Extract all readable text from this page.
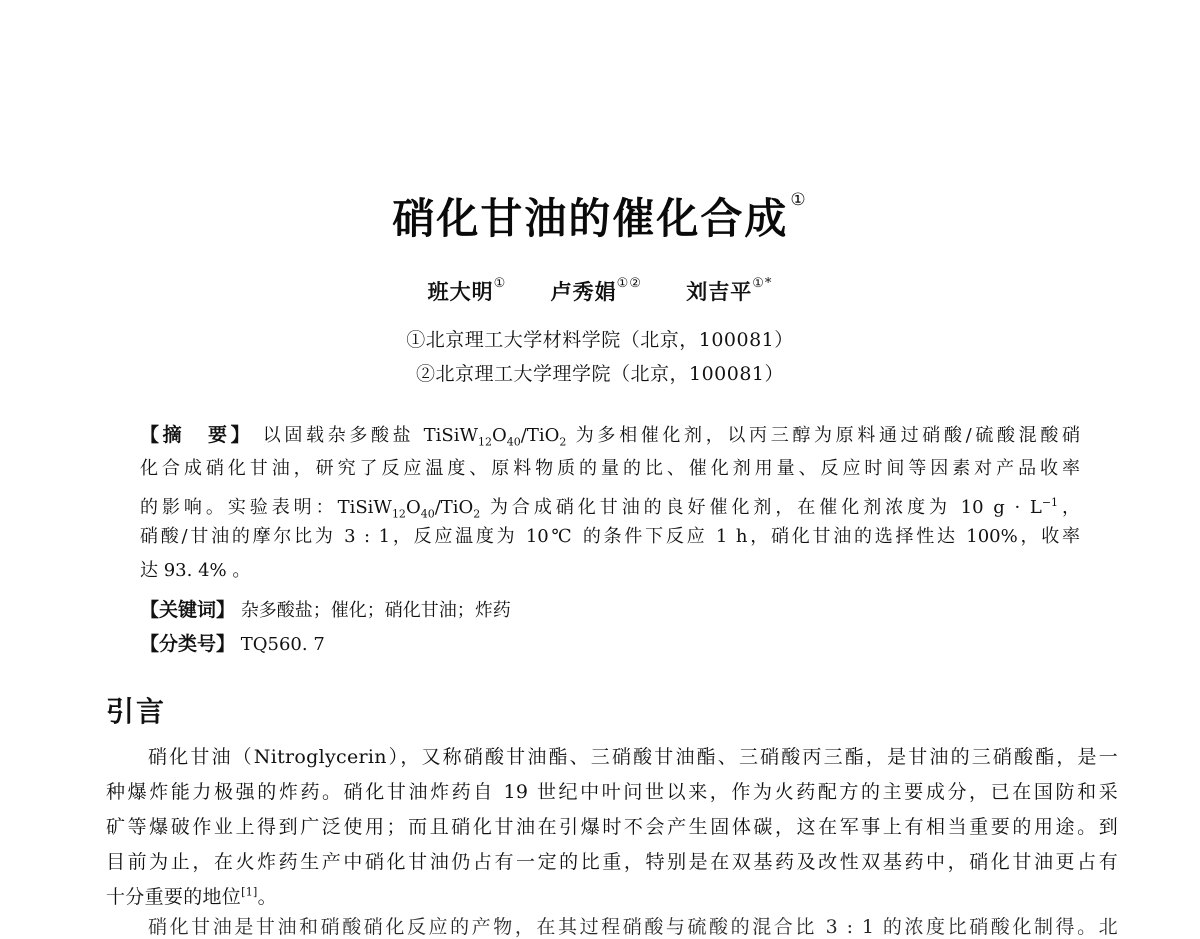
硝化甘油的催化合成 ①
班大明① 卢秀娟①② 刘吉平①*
①北京理工大学材料学院（北京，100081）
②北京理工大学理学院（北京，100081）
【摘　要】 以固载杂多酸盐 $TiSiW_{12}O_{40}/TiO_2$ 为多相催化剂，以丙三醇为原料通过硝酸/硫酸混酸硝
化合成硝化甘油，研究了反应温度、原料物质的量的比、催化剂用量、反应时间等因素对产品收率
的影响。实验表明：$TiSiW_{12}O_{40}/TiO_2$ 为合成硝化甘油的良好催化剂，在催化剂浓度为 10 $g \cdot L^{-1}$，
硝酸/甘油的摩尔比为 3 : 1，反应温度为 10℃ 的条件下反应 1 h，硝化甘油的选择性达 100%，收率
达 93. 4% 。
【关键词】 杂多酸盐；催化；硝化甘油；炸药
【分类号】 TQ560. 7
引言
硝化甘油（Nitroglycerin），又称硝酸甘油酯、三硝酸甘油酯、三硝酸丙三酯，是甘油的三硝酸酯，是一
种爆炸能力极强的炸药。硝化甘油炸药自 19 世纪中叶问世以来，作为火药配方的主要成分，已在国防和采
矿等爆破作业上得到广泛使用；而且硝化甘油在引爆时不会产生固体碳，这在军事上有相当重要的用途。到
目前为止，在火炸药生产中硝化甘油仍占有一定的比重，特别是在双基药及改性双基药中，硝化甘油更占有
十分重要的地位[1]。
硝化甘油是甘油和硝酸硝化反应的产物，在其过程硝酸与硫酸的混合比 3 : 1 的浓度比硝酸化制得。北
